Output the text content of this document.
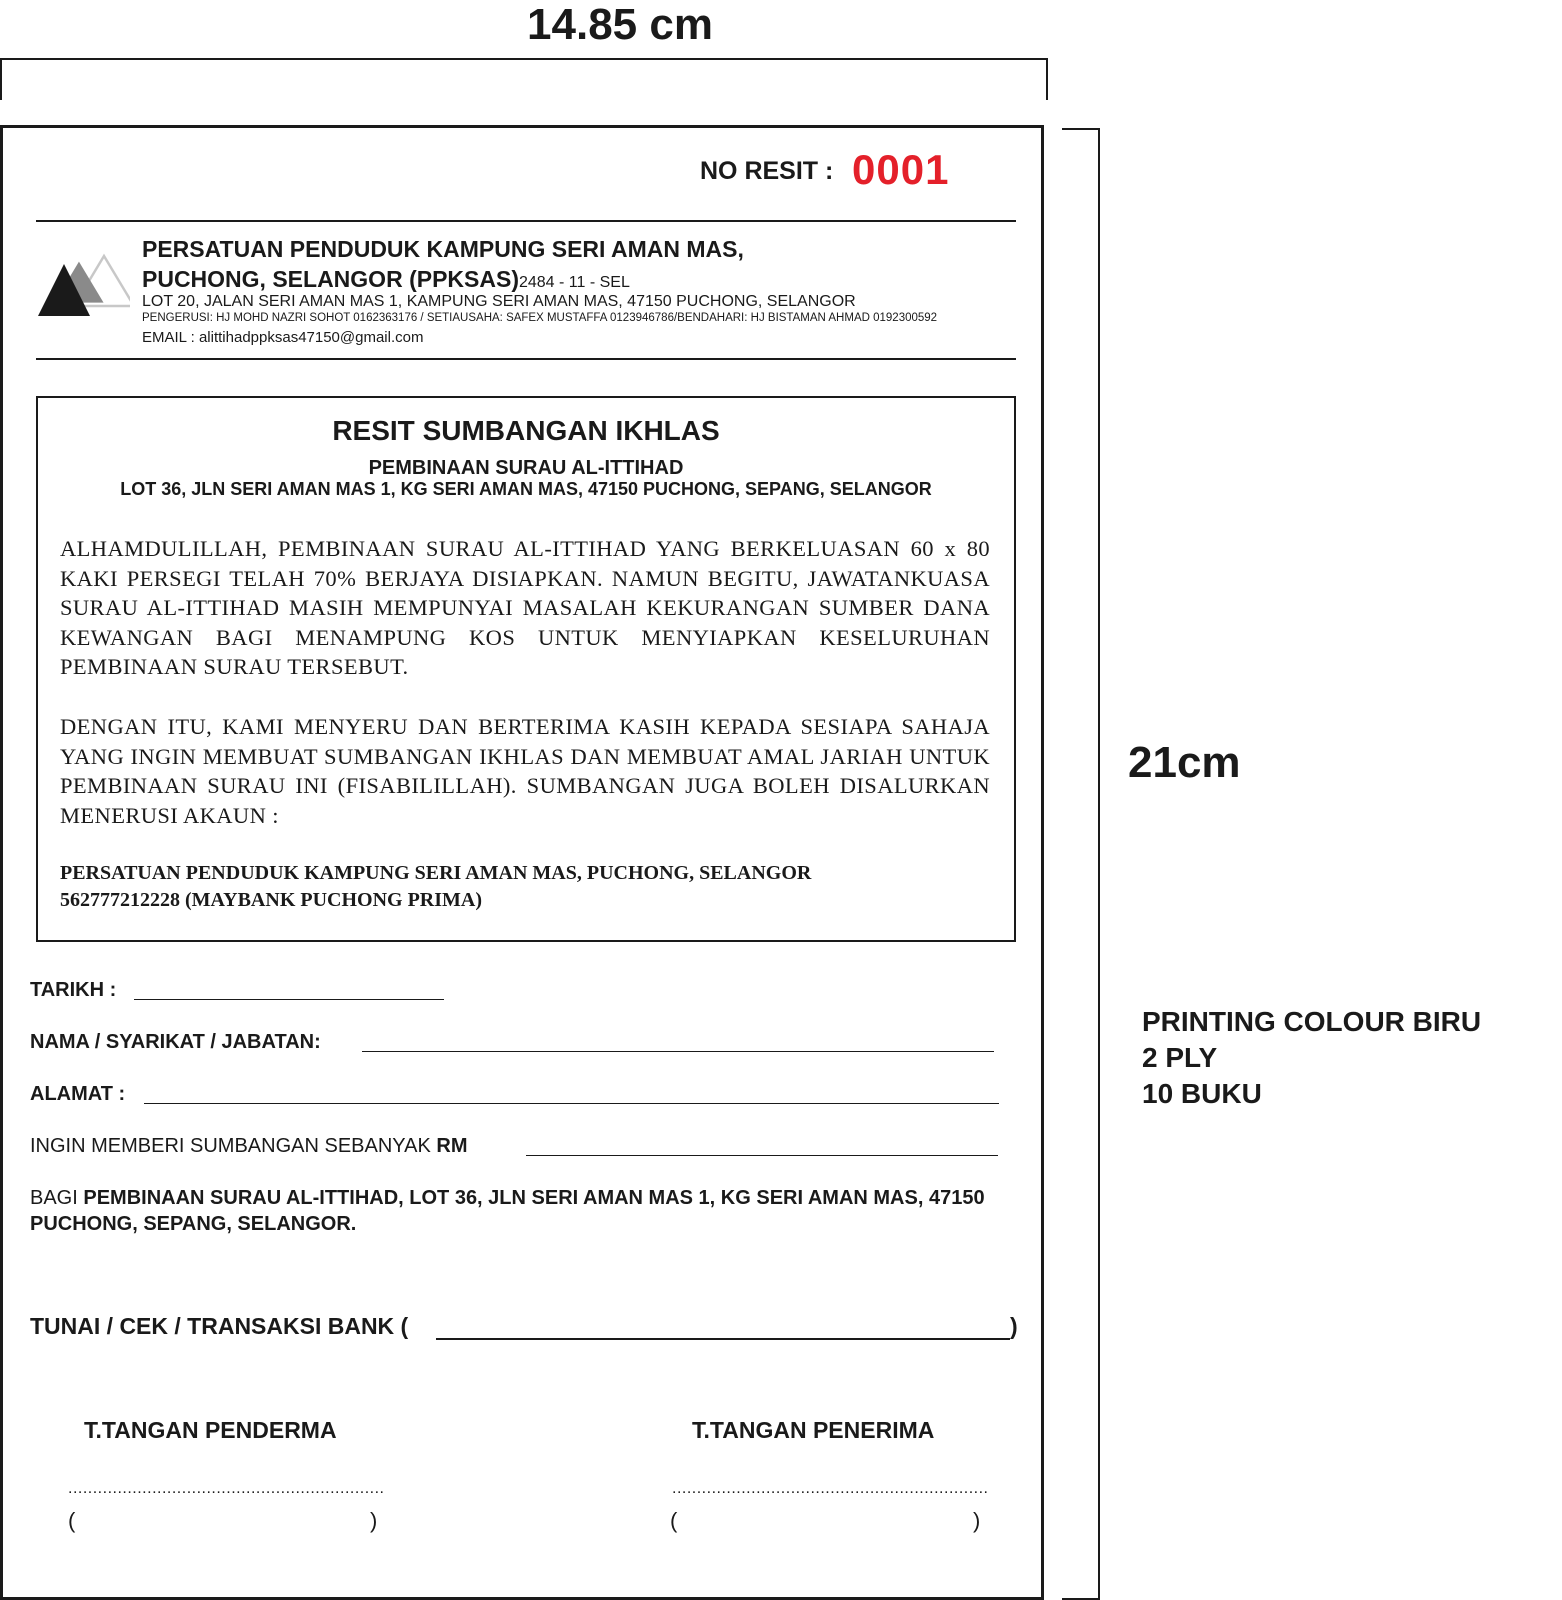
14.85 cm
21cm
PRINTING COLOUR BIRU
2 PLY
10 BUKU
NO RESIT : 0001
PERSATUAN PENDUDUK KAMPUNG SERI AMAN MAS,
PUCHONG, SELANGOR (PPKSAS)2484 - 11 - SEL
LOT 20, JALAN SERI AMAN MAS 1, KAMPUNG SERI AMAN MAS, 47150 PUCHONG, SELANGOR
PENGERUSI: HJ MOHD NAZRI SOHOT 0162363176 / SETIAUSAHA: SAFEX MUSTAFFA 0123946786/BENDAHARI: HJ BISTAMAN AHMAD 0192300592
EMAIL : alittihadppksas47150@gmail.com
RESIT SUMBANGAN IKHLAS
PEMBINAAN SURAU AL-ITTIHAD
LOT 36, JLN SERI AMAN MAS 1, KG SERI AMAN MAS, 47150 PUCHONG, SEPANG, SELANGOR
ALHAMDULILLAH, PEMBINAAN SURAU AL-ITTIHAD YANG BERKELUASAN 60 x 80 KAKI PERSEGI TELAH 70% BERJAYA DISIAPKAN. NAMUN BEGITU, JAWATANKUASA SURAU AL-ITTIHAD MASIH MEMPUNYAI MASALAH KEKURANGAN SUMBER DANA KEWANGAN BAGI MENAMPUNG KOS UNTUK MENYIAPKAN KESELURUHAN PEMBINAAN SURAU TERSEBUT.
DENGAN ITU, KAMI MENYERU DAN BERTERIMA KASIH KEPADA SESIAPA SAHAJA YANG INGIN MEMBUAT SUMBANGAN IKHLAS DAN MEMBUAT AMAL JARIAH UNTUK PEMBINAAN SURAU INI (FISABILILLAH). SUMBANGAN JUGA BOLEH DISALURKAN MENERUSI AKAUN :
PERSATUAN PENDUDUK KAMPUNG SERI AMAN MAS, PUCHONG, SELANGOR
562777212228 (MAYBANK PUCHONG PRIMA)
TARIKH :
NAMA / SYARIKAT / JABATAN:
ALAMAT :
INGIN MEMBERI SUMBANGAN SEBANYAK RM
BAGI PEMBINAAN SURAU AL-ITTIHAD, LOT 36, JLN SERI AMAN MAS 1, KG SERI AMAN MAS, 47150 PUCHONG, SEPANG, SELANGOR.
TUNAI / CEK / TRANSAKSI BANK (	)
T.TANGAN PENDERMA	T.TANGAN PENERIMA
................................................................	................................................................
(	)	(	)
